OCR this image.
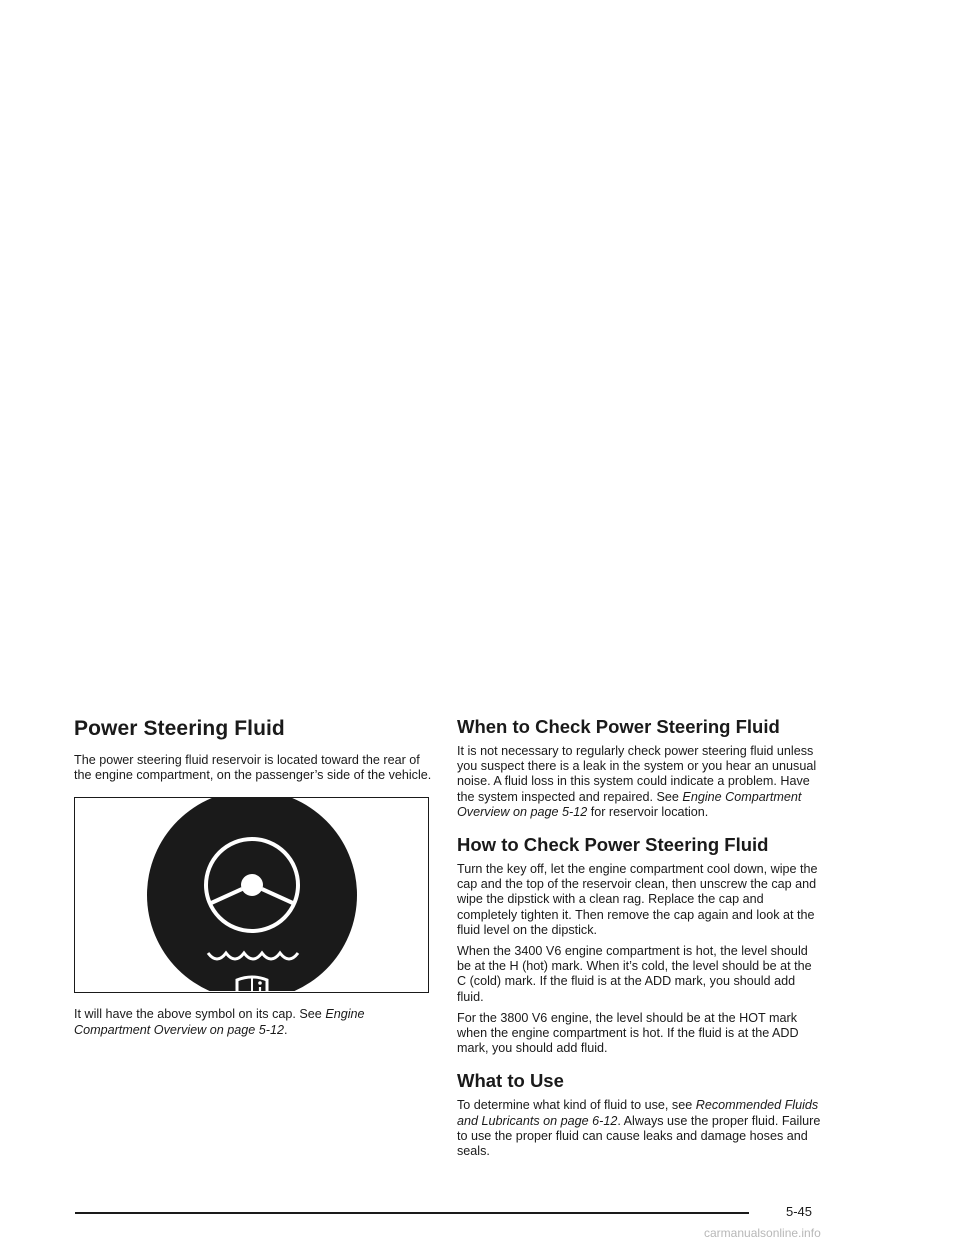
Power Steering Fluid

The power steering fluid reservoir is located toward the rear of the engine compartment, on the passenger’s side of the vehicle.

It will have the above symbol on its cap. See Engine Compartment Overview on page 5-12.

When to Check Power Steering Fluid

It is not necessary to regularly check power steering fluid unless you suspect there is a leak in the system or you hear an unusual noise. A fluid loss in this system could indicate a problem. Have the system inspected and repaired. See Engine Compartment Overview on page 5-12 for reservoir location.

How to Check Power Steering Fluid

Turn the key off, let the engine compartment cool down, wipe the cap and the top of the reservoir clean, then unscrew the cap and wipe the dipstick with a clean rag. Replace the cap and completely tighten it. Then remove the cap again and look at the fluid level on the dipstick.

When the 3400 V6 engine compartment is hot, the level should be at the H (hot) mark. When it’s cold, the level should be at the C (cold) mark. If the fluid is at the ADD mark, you should add fluid.

For the 3800 V6 engine, the level should be at the HOT mark when the engine compartment is hot. If the fluid is at the ADD mark, you should add fluid.

What to Use

To determine what kind of fluid to use, see Recommended Fluids and Lubricants on page 6-12. Always use the proper fluid. Failure to use the proper fluid can cause leaks and damage hoses and seals.

5-45
carmanualsonline.info
